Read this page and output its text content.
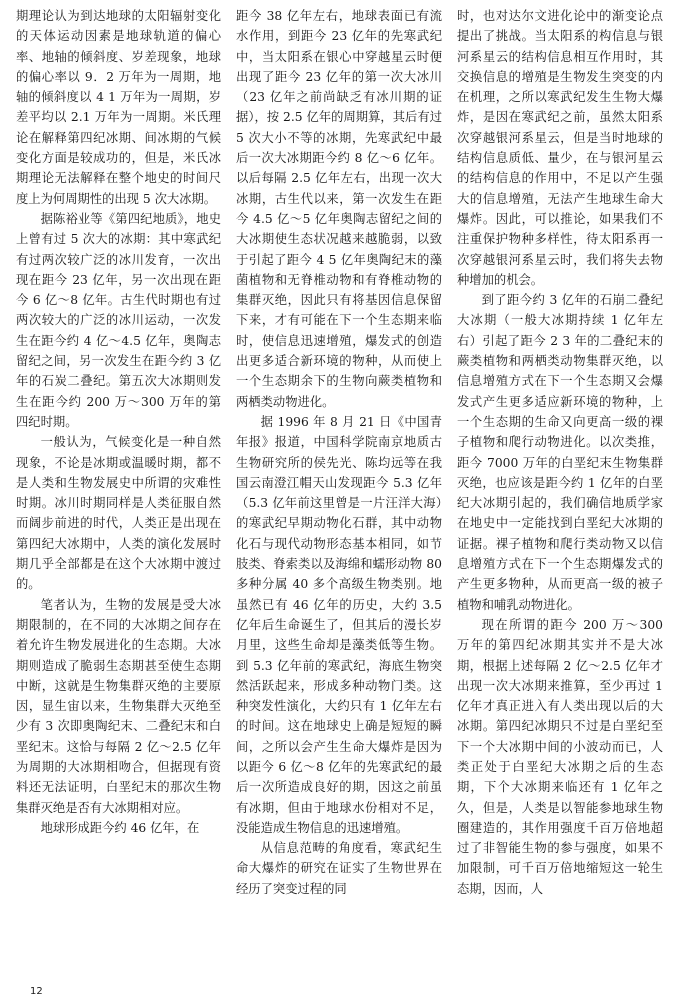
期理论认为到达地球的太阳辐射变化的天体运动因素是地球轨道的偏心率、地轴的倾斜度、岁差现象，地球的偏心率以 9．2 万年为一周期，地轴的倾斜度以 4 1 万年为一周期，岁差平均以 2.1 万年为一周期。米氏理论在解释第四纪冰期、间冰期的气候变化方面是较成功的，但是，米氏冰期理论无法解释在整个地史的时间尺度上为何周期性的出现 5 次大冰期。

据陈裕业等《第四纪地质》，地史上曾有过 5 次大的冰期：其中寒武纪有过两次较广泛的冰川发育，一次出现在距今 23 亿年，另一次出现在距今 6 亿～8 亿年。古生代时期也有过两次较大的广泛的冰川运动，一次发生在距今约 4 亿～4.5 亿年，奥陶志留纪之间，另一次发生在距今约 3 亿年的石炭二叠纪。第五次大冰期则发生在距今约 200 万～300 万年的第四纪时期。

一般认为，气候变化是一种自然现象，不论是冰期或温暖时期，都不是人类和生物发展史中所谓的灾难性时期。冰川时期同样是人类征服自然而阔步前进的时代，人类正是出现在第四纪大冰期中，人类的演化发展时期几乎全部都是在这个大冰期中渡过的。

笔者认为，生物的发展是受大冰期限制的，在不同的大冰期之间存在着允许生物发展进化的生态期。大冰期则造成了脆弱生态期甚至使生态期中断，这就是生物集群灭绝的主要原因，显生宙以来，生物集群大灭绝至少有 3 次即奥陶纪末、二叠纪末和白垩纪末。这恰与每隔 2 亿～2.5 亿年为周期的大冰期相吻合，但据现有资料还无法证明，白垩纪末的那次生物集群灭绝是否有大冰期相对应。

地球形成距今约 46 亿年，在

距今 38 亿年左右，地球表面已有流水作用，到距今 23 亿年的先寒武纪中，当太阳系在银心中穿越星云时便出现了距今 23 亿年的第一次大冰川（23 亿年之前尚缺乏有冰川期的证据），按 2.5 亿年的周期算，其后有过 5 次大小不等的冰期，先寒武纪中最后一次大冰期距今约 8 亿～6 亿年。以后每隔 2.5 亿年左右，出现一次大冰期，古生代以来，第一次发生在距今 4.5 亿～5 亿年奥陶志留纪之间的大冰期使生态状况越来越脆弱，以致于引起了距今 4 5 亿年奥陶纪末的藻菌植物和无脊椎动物和有脊椎动物的集群灭绝，因此只有将基因信息保留下来，才有可能在下一个生态期来临时，使信息迅速增殖，爆发式的创造出更多适合新环境的物种，从而使上一个生态期余下的生物向蕨类植物和两栖类动物进化。

据 1996 年 8 月 21 日《中国青年报》报道，中国科学院南京地质古生物研究所的侯先光、陈均远等在我国云南澄江帽天山发现距今 5.3 亿年（5.3 亿年前这里曾是一片汪洋大海）的寒武纪早期动物化石群，其中动物化石与现代动物形态基本相同，如节肢类、脊索类以及海绵和蠕形动物 80 多种分属 40 多个高级生物类别。地虽然已有 46 亿年的历史，大约 3.5 亿年后生命诞生了，但其后的漫长岁月里，这些生命却是藻类低等生物。到 5.3 亿年前的寒武纪，海底生物突然活跃起来，形成多种动物门类。这种突发性演化，大约只有 1 亿年左右的时间。这在地球史上确是短短的瞬间，之所以会产生生命大爆炸是因为以距今 6 亿～8 亿年的先寒武纪的最后一次所造成良好的期，因这之前虽有冰期，但由于地球水份相对不足，没能造成生物信息的迅速增殖。

从信息范畴的角度看，寒武纪生命大爆炸的研究在证实了生物世界在经历了突变过程的同

时，也对达尔文进化论中的渐变论点提出了挑战。当太阳系的构信息与银河系星云的结构信息相互作用时，其交换信息的增殖是生物发生突变的内在机理，之所以寒武纪发生生物大爆炸，是因在寒武纪之前，虽然太阳系次穿越银河系星云，但是当时地球的结构信息质低、量少，在与银河星云的结构信息的作用中，不足以产生强大的信息增殖，无法产生地球生命大爆炸。因此，可以推论，如果我们不注重保护物种多样性，待太阳系再一次穿越银河系星云时，我们将失去物种增加的机会。

到了距今约 3 亿年的石崩二叠纪大冰期（一般大冰期持续 1 亿年左右）引起了距今 2 3 年的二叠纪末的蕨类植物和两栖类动物集群灭绝，以信息增殖方式在下一个生态期又会爆发式产生更多适应新环境的物种，上一个生态期的生命又向更高一级的裸子植物和爬行动物进化。以次类推，距今 7000 万年的白垩纪末生物集群灭绝，也应该是距今约 1 亿年的白垩纪大冰期引起的，我们确信地质学家在地史中一定能找到白垩纪大冰期的证据。裸子植物和爬行类动物又以信息增殖方式在下一个生态期爆发式的产生更多物种，从而更高一级的被子植物和哺乳动物进化。

现在所谓的距今 200 万～300 万年的第四纪冰期其实并不是大冰期，根据上述每隔 2 亿～2.5 亿年才出现一次大冰期来推算，至少再过 1 亿年才真正进入有人类出现以后的大冰期。第四纪冰期只不过是白垩纪至下一个大冰期中间的小波动而已，人类正处于白垩纪大冰期之后的生态期，下个大冰期来临还有 1 亿年之久，但是，人类是以智能参地球生物圈建造的，其作用强度千百万倍地超过了非智能生物的参与强度，如果不加限制，可千百万倍地缩短这一轮生态期，因而，人

12
